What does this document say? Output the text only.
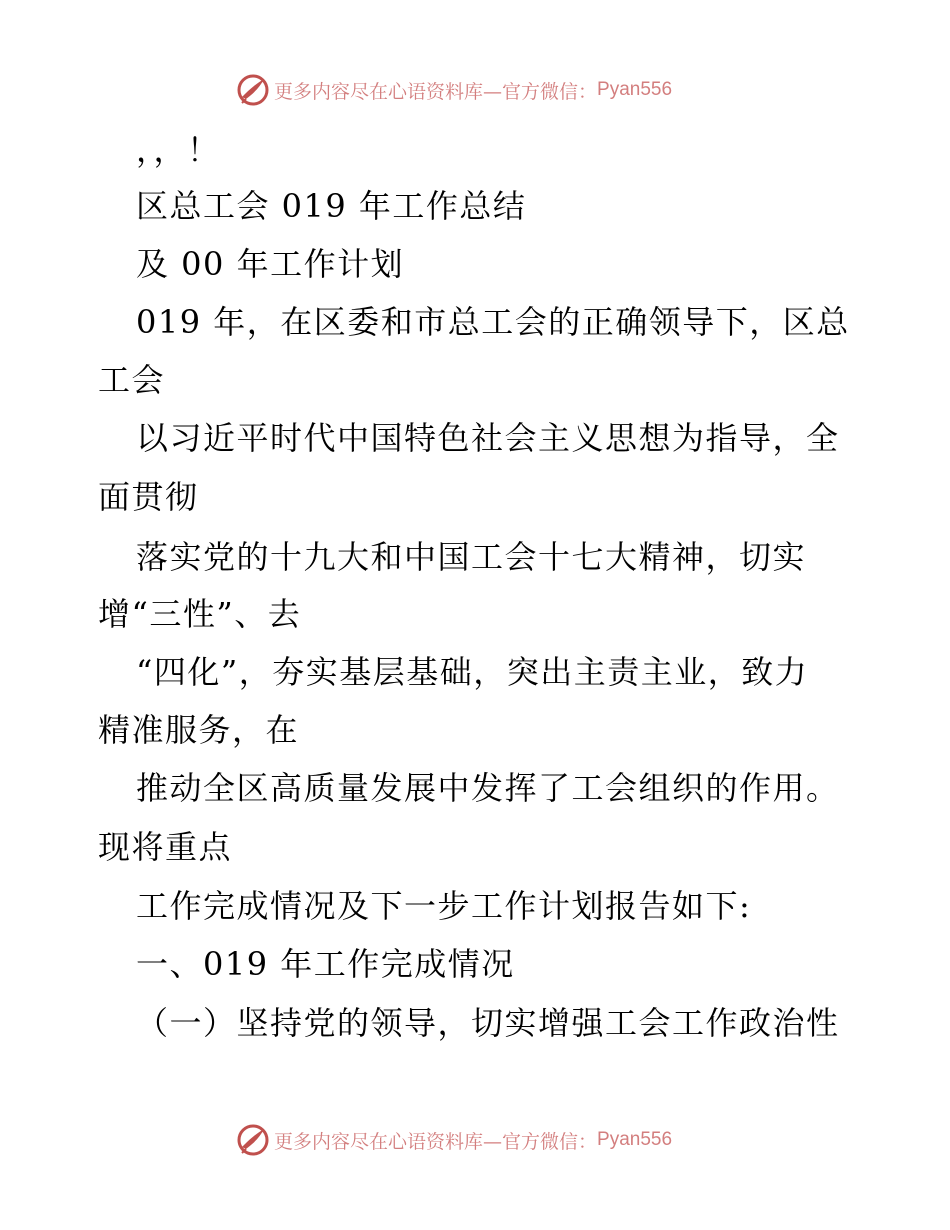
更多内容尽在心语资料库—官方微信： Pyan556
，，！
区总工会 019 年工作总结
及 00 年工作计划
019 年，在区委和市总工会的正确领导下，区总
工会
以习近平时代中国特色社会主义思想为指导，全
面贯彻
落实党的十九大和中国工会十七大精神，切实
增“三性”、去
“四化”，夯实基层基础，突出主责主业，致力
精准服务，在
推动全区高质量发展中发挥了工会组织的作用。
现将重点
工作完成情况及下一步工作计划报告如下:
一、019 年工作完成情况
（一）坚持党的领导，切实增强工会工作政治性
更多内容尽在心语资料库—官方微信： Pyan556
